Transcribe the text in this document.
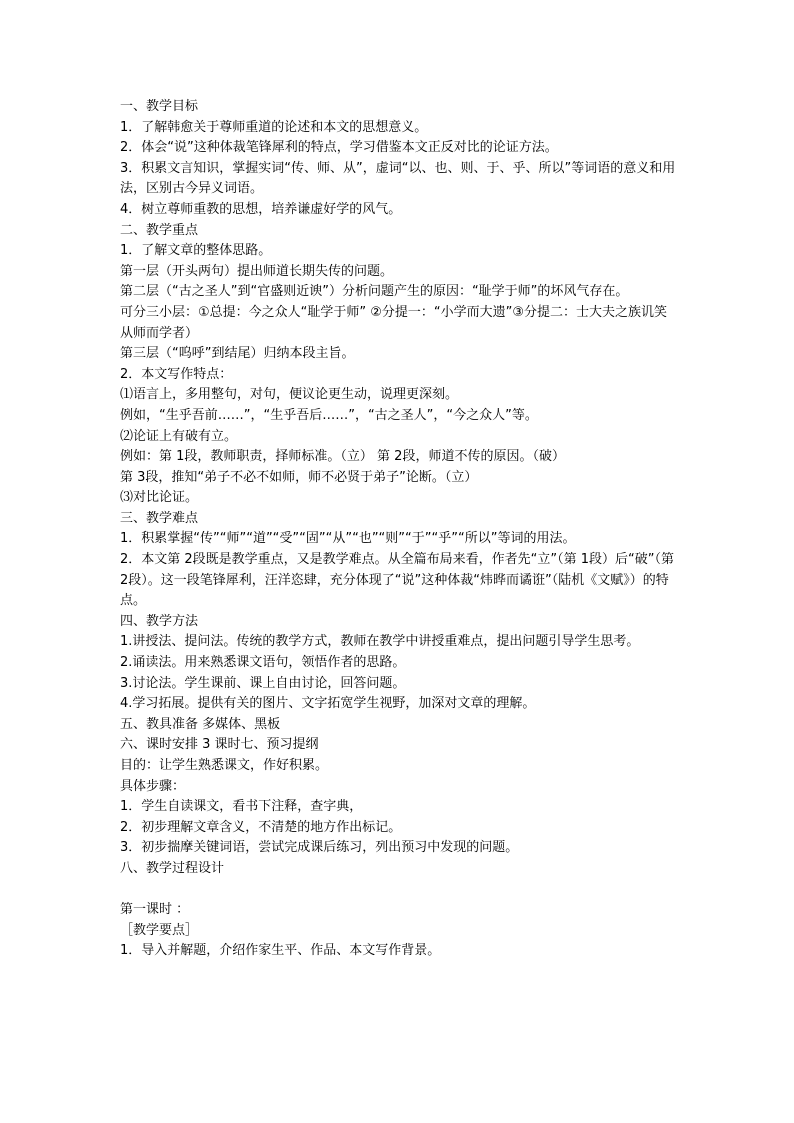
一、教学目标
1．了解韩愈关于尊师重道的论述和本文的思想意义。
2．体会“说”这种体裁笔锋犀利的特点，学习借鉴本文正反对比的论证方法。
3．积累文言知识，掌握实词“传、师、从”，虚词“以、也、则、于、乎、所以”等词语的意义和用法，区别古今异义词语。
4．树立尊师重教的思想，培养谦虚好学的风气。
二、教学重点
1．了解文章的整体思路。
第一层（开头两句）提出师道长期失传的问题。
第二层（“古之圣人”到“官盛则近谀”）分析问题产生的原因：“耻学于师”的坏风气存在。
可分三小层：①总提：今之众人“耻学于师” ②分提一：“小学而大遗”③分提二：士大夫之族讥笑从师而学者）
第三层（“呜呼”到结尾）归纳本段主旨。
2．本文写作特点：
⑴语言上，多用整句，对句，便议论更生动，说理更深刻。
例如，“生乎吾前……”，“生乎吾后……”，“古之圣人”，“今之众人”等。
⑵论证上有破有立。
例如：第 1段，教师职责，择师标准。（立） 第 2段，师道不传的原因。（破）
第 3段，推知“弟子不必不如师，师不必贤于弟子”论断。（立）
⑶对比论证。
三、教学难点
1．积累掌握“传”“师”“道”“受”“固”“从”“也”“则”“于”“乎”“所以”等词的用法。
2．本文第 2段既是教学重点，又是教学难点。从全篇布局来看，作者先“立”（第 1段）后“破”（第 2段）。这一段笔锋犀利，汪洋恣肆，充分体现了“说”这种体裁“炜晔而谲诳”（陆机《文赋》）的特点。
四、教学方法
1.讲授法、提问法。传统的教学方式，教师在教学中讲授重难点，提出问题引导学生思考。
2.诵读法。用来熟悉课文语句，领悟作者的思路。
3.讨论法。学生课前、课上自由讨论，回答问题。
4.学习拓展。提供有关的图片、文字拓宽学生视野，加深对文章的理解。
五、教具准备 多媒体、黑板
六、课时安排 3 课时七、预习提纲
目的：让学生熟悉课文，作好积累。
具体步骤：
1．学生自读课文，看书下注释，查字典，
2．初步理解文章含义，不清楚的地方作出标记。
3．初步揣摩关键词语，尝试完成课后练习，列出预习中发现的问题。
八、教学过程设计
第一课时 ：
［教学要点］
1．导入并解题，介绍作家生平、作品、本文写作背景。
